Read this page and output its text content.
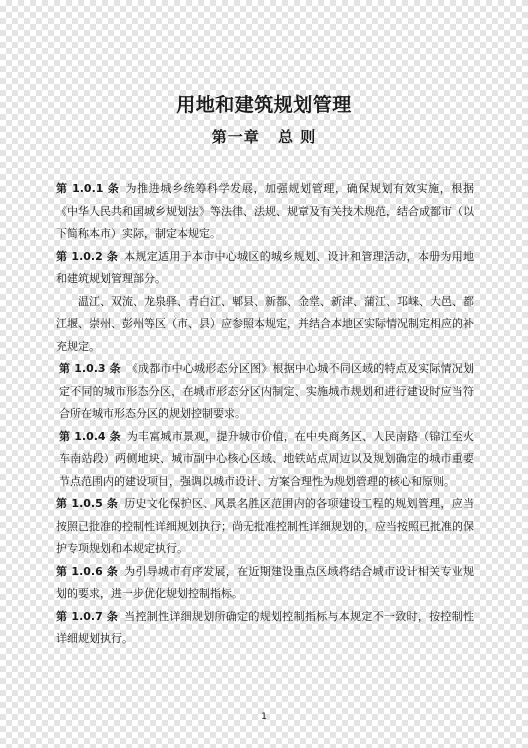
用地和建筑规划管理
第一章 总 则

第 1.0.1 条 为推进城乡统筹科学发展，加强规划管理，确保规划有效实施，根据《中华人民共和国城乡规划法》等法律、法规、规章及有关技术规范，结合成都市（以下简称本市）实际，制定本规定。

第 1.0.2 条 本规定适用于本市中心城区的城乡规划、设计和管理活动，本册为用地和建筑规划管理部分。

温江、双流、龙泉驿、青白江、郫县、新都、金堂、新津、蒲江、邛崃、大邑、都江堰、崇州、彭州等区（市、县）应参照本规定，并结合本地区实际情况制定相应的补充规定。

第 1.0.3 条 《成都市中心城形态分区图》根据中心城不同区域的特点及实际情况划定不同的城市形态分区，在城市形态分区内制定、实施城市规划和进行建设时应当符合所在城市形态分区的规划控制要求。

第 1.0.4 条 为丰富城市景观，提升城市价值，在中央商务区、人民南路（锦江至火车南站段）两侧地块、城市副中心核心区域、地铁站点周边以及规划确定的城市重要节点范围内的建设项目，强调以城市设计、方案合理性为规划管理的核心和原则。

第 1.0.5 条 历史文化保护区、风景名胜区范围内的各项建设工程的规划管理，应当按照已批准的控制性详细规划执行；尚无批准控制性详细规划的，应当按照已批准的保护专项规划和本规定执行。

第 1.0.6 条 为引导城市有序发展，在近期建设重点区域将结合城市设计相关专业规划的要求，进一步优化规划控制指标。

第 1.0.7 条 当控制性详细规划所确定的规划控制指标与本规定不一致时，按控制性详细规划执行。

1
